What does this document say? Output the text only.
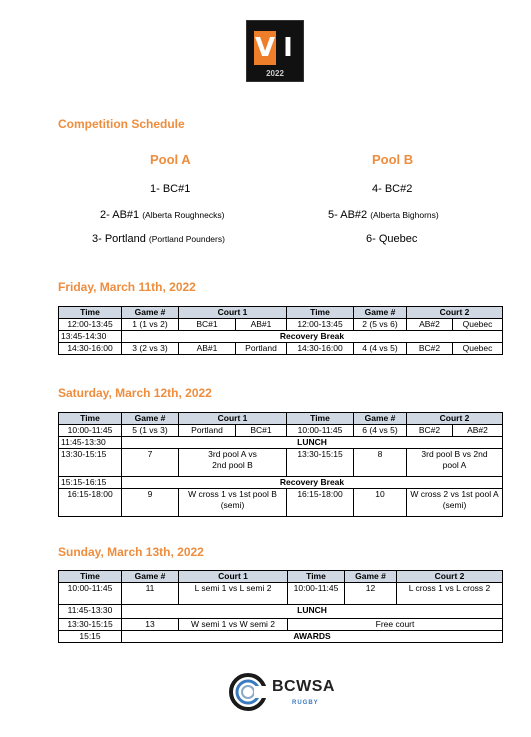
V I
2022
Competition Schedule
Pool A	Pool B
1- BC#1
2- AB#1 (Alberta Roughnecks)
3- Portland (Portland Pounders)
4- BC#2
5- AB#2 (Alberta Bighorns)
6- Quebec
Friday, March 11th, 2022
Time	Game #	Court 1		Time	Game #	Court 2	
12:00-13:45	1 (1 vs 2)	BC#1	AB#1	12:00-13:45	2 (5 vs 6)	AB#2	Quebec
13:45-14:30	Recovery Break						
14:30-16:00	3 (2 vs 3)	AB#1	Portland	14:30-16:00	4 (4 vs 5)	BC#2	Quebec
Saturday, March 12th, 2022
Time	Game #	Court 1		Time	Game #	Court 2	
10:00-11:45	5 (1 vs 3)	Portland	BC#1	10:00-11:45	6 (4 vs 5)	BC#2	AB#2
11:45-13:30	LUNCH						
13:30-15:15	7	3rd pool A vs 2nd pool B		13:30-15:15	8	3rd pool B vs 2nd pool A	
15:15-16:15	Recovery Break						
16:15-18:00	9	W cross 1 vs 1st pool B (semi)		16:15-18:00	10	W cross 2 vs 1st pool A (semi)	
Sunday, March 13th, 2022
Time	Game #	Court 1	Time	Game #	Court 2
10:00-11:45	11	L semi 1 vs L semi 2	10:00-11:45	12	L cross 1 vs L cross 2
11:45-13:30	LUNCH				
13:30-15:15	13	W semi 1 vs W semi 2	Free court		
15:15	AWARDS				
BCWSA
RUGBY
